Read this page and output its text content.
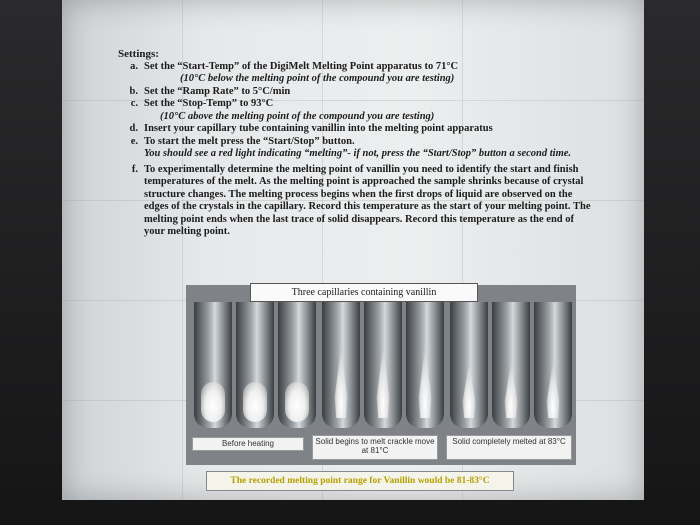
Settings:
a. Set the “Start-Temp” of the DigiMelt Melting Point apparatus to 71°C
(10°C below the melting point of the compound you are testing)
b. Set the “Ramp Rate” to 5°C/min
c. Set the “Stop-Temp” to 93°C
(10°C above the melting point of the compound you are testing)
d. Insert your capillary tube containing vanillin into the melting point apparatus
e. To start the melt press the “Start/Stop” button.
You should see a red light indicating “melting”- if not, press the “Start/Stop” button a second time.
f. To experimentally determine the melting point of vanillin you need to identify the start and finish temperatures of the melt. As the melting point is approached the sample shrinks because of crystal structure changes. The melting process begins when the first drops of liquid are observed on the edges of the crystals in the capillary. Record this temperature as the start of your melting point. The melting point ends when the last trace of solid disappears. Record this temperature as the end of your melting point.
Three capillaries containing vanillin
Before heating	Solid begins to melt crackle move at 81°C
Solid completely melted at 83°C
The recorded melting point range for Vanillin would be 81-83°C
